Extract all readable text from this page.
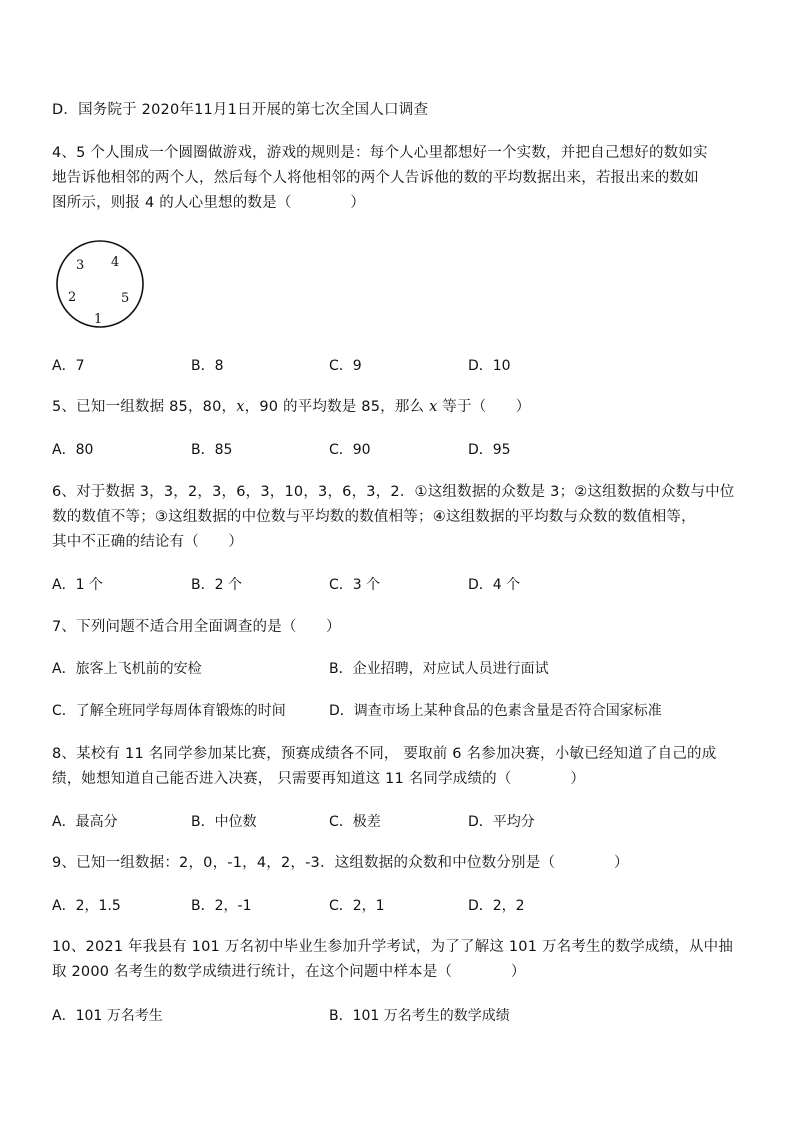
D．国务院于 2020年11月1日开展的第七次全国人口调查
4、5 个人围成一个圆圈做游戏，游戏的规则是：每个人心里都想好一个实数，并把自己想好的数如实
地告诉他相邻的两个人，然后每个人将他相邻的两个人告诉他的数的平均数据出来，若报出来的数如
图所示，则报 4 的人心里想的数是（　　　　）
3 4
2	5
1
A．7	B．8	C．9	D．10
5、已知一组数据 85，80，x，90 的平均数是 85，那么 x 等于（　　）
A．80	B．85	C．90	D．95
6、对于数据 3，3，2，3，6，3，10，3，6，3，2．①这组数据的众数是 3；②这组数据的众数与中位
数的数值不等；③这组数据的中位数与平均数的数值相等；④这组数据的平均数与众数的数值相等，
其中不正确的结论有（　　）
A．1 个	B．2 个	C．3 个	D．4 个
7、下列问题不适合用全面调查的是（　　）
A．旅客上飞机前的安检	B．企业招聘，对应试人员进行面试
C．了解全班同学每周体育锻炼的时间	D．调查市场上某种食品的色素含量是否符合国家标准
8、某校有 11 名同学参加某比赛，预赛成绩各不同， 要取前 6 名参加决赛，小敏已经知道了自己的成
绩，她想知道自己能否进入决赛， 只需要再知道这 11 名同学成绩的（　　　　）
A．最高分	B．中位数	C．极差	D．平均分
9、已知一组数据：2，0，-1，4，2，-3．这组数据的众数和中位数分别是（　　　　）
A．2，1.5	B．2，-1	C．2，1	D．2，2
10、2021 年我县有 101 万名初中毕业生参加升学考试，为了了解这 101 万名考生的数学成绩，从中抽
取 2000 名考生的数学成绩进行统计，在这个问题中样本是（　　　　）
A．101 万名考生	B．101 万名考生的数学成绩
